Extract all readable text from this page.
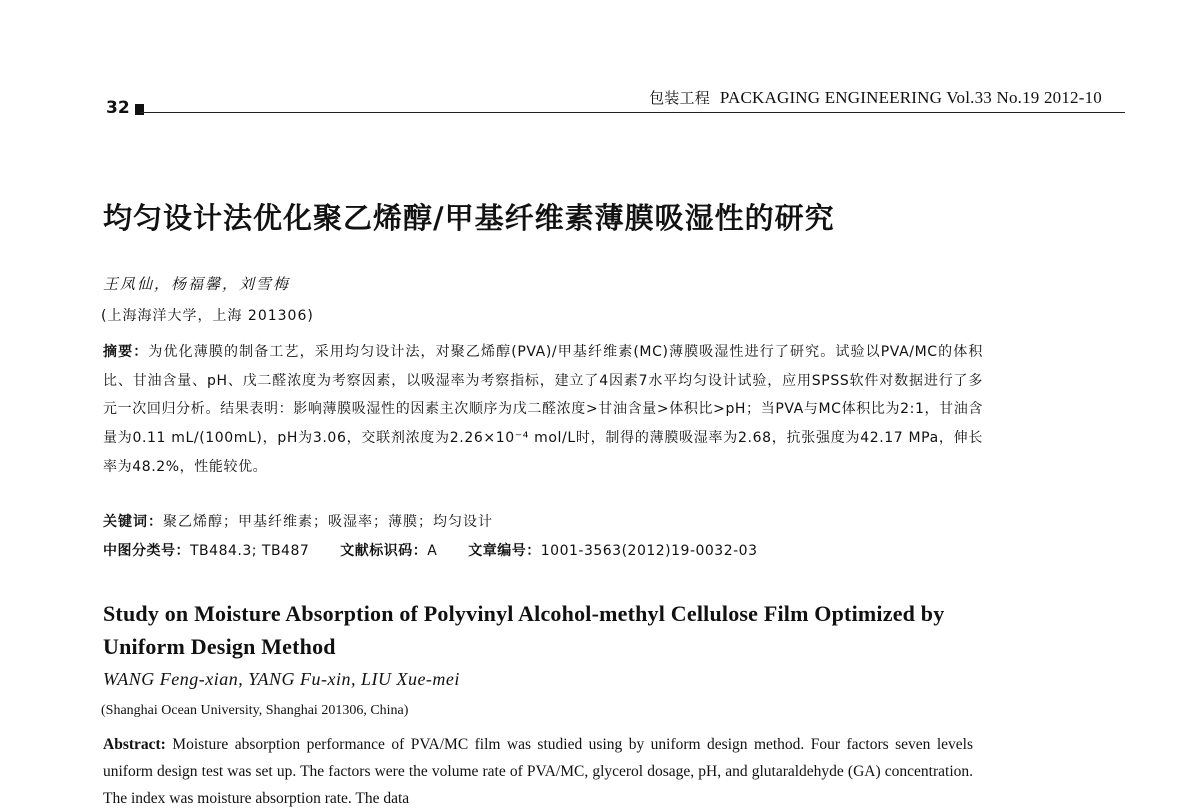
32	包装工程 PACKAGING ENGINEERING Vol.33 No.19 2012-10
均匀设计法优化聚乙烯醇/甲基纤维素薄膜吸湿性的研究
王凤仙，杨福馨，刘雪梅
(上海海洋大学，上海 201306)
摘要：为优化薄膜的制备工艺，采用均匀设计法，对聚乙烯醇(PVA)/甲基纤维素(MC)薄膜吸湿性进行了研究。试验以PVA/MC的体积比、甘油含量、pH、戊二醛浓度为考察因素，以吸湿率为考察指标，建立了4因素7水平均匀设计试验，应用SPSS软件对数据进行了多元一次回归分析。结果表明：影响薄膜吸湿性的因素主次顺序为戊二醛浓度>甘油含量>体积比>pH；当PVA与MC体积比为2:1，甘油含量为0.11 mL/(100mL)，pH为3.06，交联剂浓度为2.26×10⁻⁴ mol/L时，制得的薄膜吸湿率为2.68，抗张强度为42.17 MPa，伸长率为48.2%，性能较优。
关键词：聚乙烯醇；甲基纤维素；吸湿率；薄膜；均匀设计
中图分类号：TB484.3; TB487 文献标识码：A 文章编号：1001-3563(2012)19-0032-03
Study on Moisture Absorption of Polyvinyl Alcohol-methyl Cellulose Film Optimized by Uniform Design Method
WANG Feng-xian, YANG Fu-xin, LIU Xue-mei
(Shanghai Ocean University, Shanghai 201306, China)
Abstract: Moisture absorption performance of PVA/MC film was studied using by uniform design method. Four factors seven levels uniform design test was set up. The factors were the volume rate of PVA/MC, glycerol dosage, pH, and glutaraldehyde (GA) concentration. The index was moisture absorption rate. The data
